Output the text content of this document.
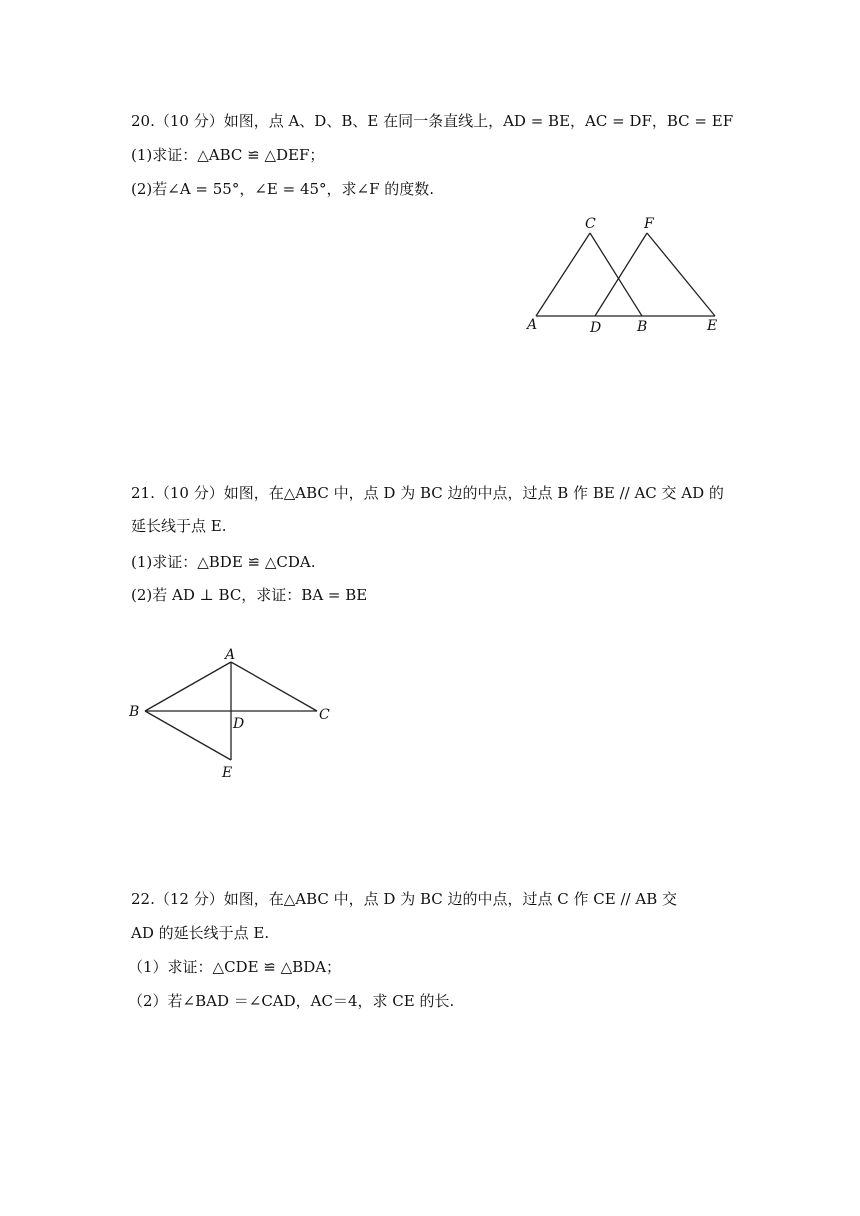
20.（10 分）如图，点 A、D、B、E 在同一条直线上，AD = BE，AC = DF，BC = EF
(1)求证：△ABC ≌ △DEF；
(2)若∠A = 55°，∠E = 45°，求∠F 的度数.
C	F
A	D	B	E
21.（10 分）如图，在△ABC 中，点 D 为 BC 边的中点，过点 B 作 BE // AC 交 AD 的
延长线于点 E.
(1)求证：△BDE ≌ △CDA.
(2)若 AD ⊥ BC，求证：BA = BE
A
B
D
C
E
22.（12 分）如图，在△ABC 中，点 D 为 BC 边的中点，过点 C 作 CE // AB 交
AD 的延长线于点 E.
（1）求证：△CDE ≌ △BDA；
（2）若∠BAD ＝∠CAD，AC＝4，求 CE 的长.
